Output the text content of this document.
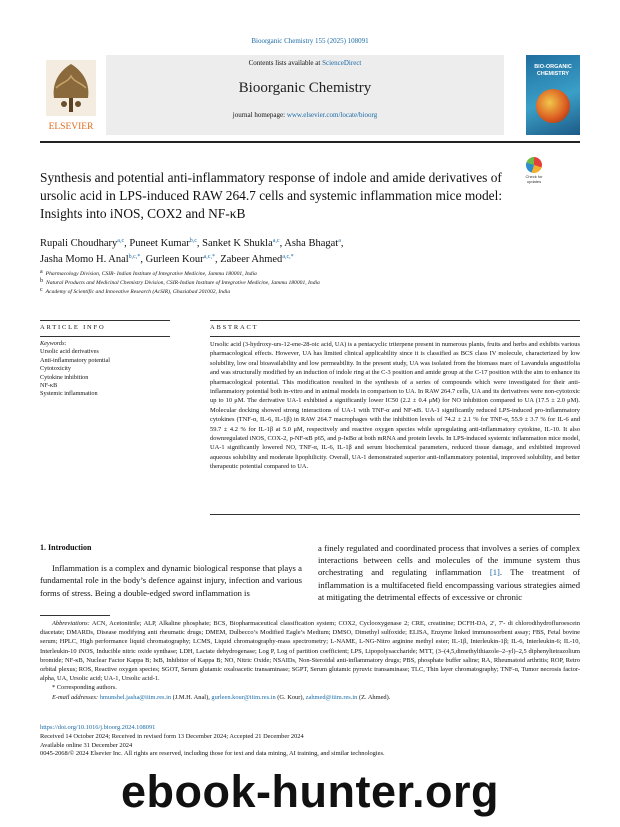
Bioorganic Chemistry 155 (2025) 108091
ELSEVIER
Contents lists available at ScienceDirect
Bioorganic Chemistry
journal homepage: www.elsevier.com/locate/bioorg
BIO-ORGANIC CHEMISTRY
Check for updates
Synthesis and potential anti-inflammatory response of indole and amide derivatives of ursolic acid in LPS-induced RAW 264.7 cells and systemic inflammation mice model: Insights into iNOS, COX2 and NF-κB
Rupali Choudhary$^{a,c}$, Puneet Kumar$^{b,c}$, Sanket K Shukla$^{a,c}$, Asha Bhagat$^a$,
Jasha Momo H. Anal$^{b,c,*}$, Gurleen Kour$^{a,c,*}$, Zabeer Ahmed$^{a,c,*}$
$^a$ Pharmacology Division, CSIR- Indian Institute of Integrative Medicine, Jammu 180001, India
$^b$ Natural Products and Medicinal Chemistry Division, CSIR-Indian Institute of Integrative Medicine, Jammu 180001, India
$^c$ Academy of Scientific and Innovative Research (AcSIR), Ghaziabad 201002, India
ARTICLE INFO	ABSTRACT
Keywords:
Ursolic acid derivatives
Anti-inflammatory potential
Cytotoxicity
Cytokine inhibition
NF-κB
Systemic inflammation
Ursolic acid (3-hydroxy-urs-12-ene-28-oic acid, UA) is a pentacyclic triterpene present in numerous plants, fruits and herbs and exhibits various pharmacological effects. However, UA has limited clinical applicability since it is classified as BCS class IV molecule, characterized by low solubility, low oral bioavailability and low permeability. In the present study, UA was isolated from the biomass marc of Lavandula angustifolia and was structurally modified by an induction of indole ring at the C-3 position and amide group at the C-17 position with the aim to enhance its pharmacological potential. This modification resulted in the synthesis of a series of compounds which were investigated for their anti-inflammatory potential both in-vitro and in animal models in comparison to UA. In RAW 264.7 cells, UA and its derivatives were non-cytotoxic up to 10 μM. The derivative UA-1 exhibited a significantly lower IC50 (2.2 ± 0.4 μM) for NO inhibition compared to UA (17.5 ± 2.0 μM). Molecular docking showed strong interactions of UA-1 with TNF-α and NF-κB. UA-1 significantly reduced LPS-induced pro-inflammatory cytokines (TNF-α, IL-6, IL-1β) in RAW 264.7 macrophages with the inhibition levels of 74.2 ± 2.1 % for TNF-α, 55.9 ± 3.7 % for IL-6 and 59.7 ± 4.2 % for IL-1β at 5.0 μM, respectively and reactive oxygen species while upregulating anti-inflammatory cytokine, IL-10. It also downregulated iNOS, COX-2, p-NF-κB p65, and p-IκBα at both mRNA and protein levels. In LPS-induced systemic inflammation mice model, UA-1 significantly lowered NO, TNF-α, IL-6, IL-1β and serum biochemical parameters, reduced tissue damage, and exhibited improved aqueous solubility and moderate lipophilicity. Overall, UA-1 demonstrated superior anti-inflammatory potential, improved solubility, and better therapeutic potential compared to UA.
1. Introduction

Inflammation is a complex and dynamic biological response that plays a fundamental role in the body’s defence against injury, infection and various forms of stress. Being a double-edged sword inflammation is

a finely regulated and coordinated process that involves a series of complex interactions between cells and molecules of the immune system thus orchestrating and regulating inflammation [1]. The treatment of inflammation is a multifaceted field encompassing various strategies aimed at mitigating the detrimental effects of excessive or chronic

Abbreviations: ACN, Acetonitrile; ALP, Alkaline phosphate; BCS, Biopharmaceutical classification system; COX2, Cyclooxygenase 2; CRE, creatinine; DCFH-DA, 2′, 7′- di chlorodihydrofluroescein diacetate; DMARDs, Disease modifying anti rheumatic drugs; DMEM, Dulbecco’s Modified Eagle’s Medium; DMSO, Dimethyl sulfoxide; ELISA, Enzyme linked immunosorbent assay; FBS, Fetal bovine serum; HPLC, High performance liquid chromatography; LCMS, Liquid chromatography-mass spectrometry; L-NAME, L-NG-Nitro arginine methyl ester; IL-1β, Interleukin-1β; IL-6, Interleukin-6; IL-10, Interleukin-10 iNOS, Inducible nitric oxide synthase; LDH, Lactate dehydrogenase; Log P, Log of partition coefficient; LPS, Lipopolysaccharide; MTT, (3–(4,5,dimethylthiazole–2–yl)–2,5 diphenyltetrazolium bromide; NF-κB, Nuclear Factor Kappa B; IκB, Inhibitor of Kappa B; NO, Nitric Oxide; NSAIDs, Non-Steroidal anti-inflammatory drugs; PBS, phosphate buffer saline; RA, Rheumatoid arthritis; ROP, Retro orbital plexus; ROS, Reactive oxygen species; SGOT, Serum glutamic oxaloacetic transaminase; SGPT, Serum glutamic pyruvic transaminase; TLC, Thin layer chromatography; TNF-α, Tumor necrosis factor- alpha, UA, Ursolic acid; UA-1, Ursolic acid-1.

* Corresponding authors.

E-mail addresses: hmunshel.jasha@iiim.res.in (J.M.H. Anal), gurleen.kour@iiim.res.in (G. Kour), zahmed@iiim.res.in (Z. Ahmed).

https://doi.org/10.1016/j.bioorg.2024.108091
Received 14 October 2024; Received in revised form 13 December 2024; Accepted 21 December 2024
Available online 31 December 2024
0045-2068/© 2024 Elsevier Inc. All rights are reserved, including those for text and data mining, AI training, and similar technologies.
ebook-hunter.org
